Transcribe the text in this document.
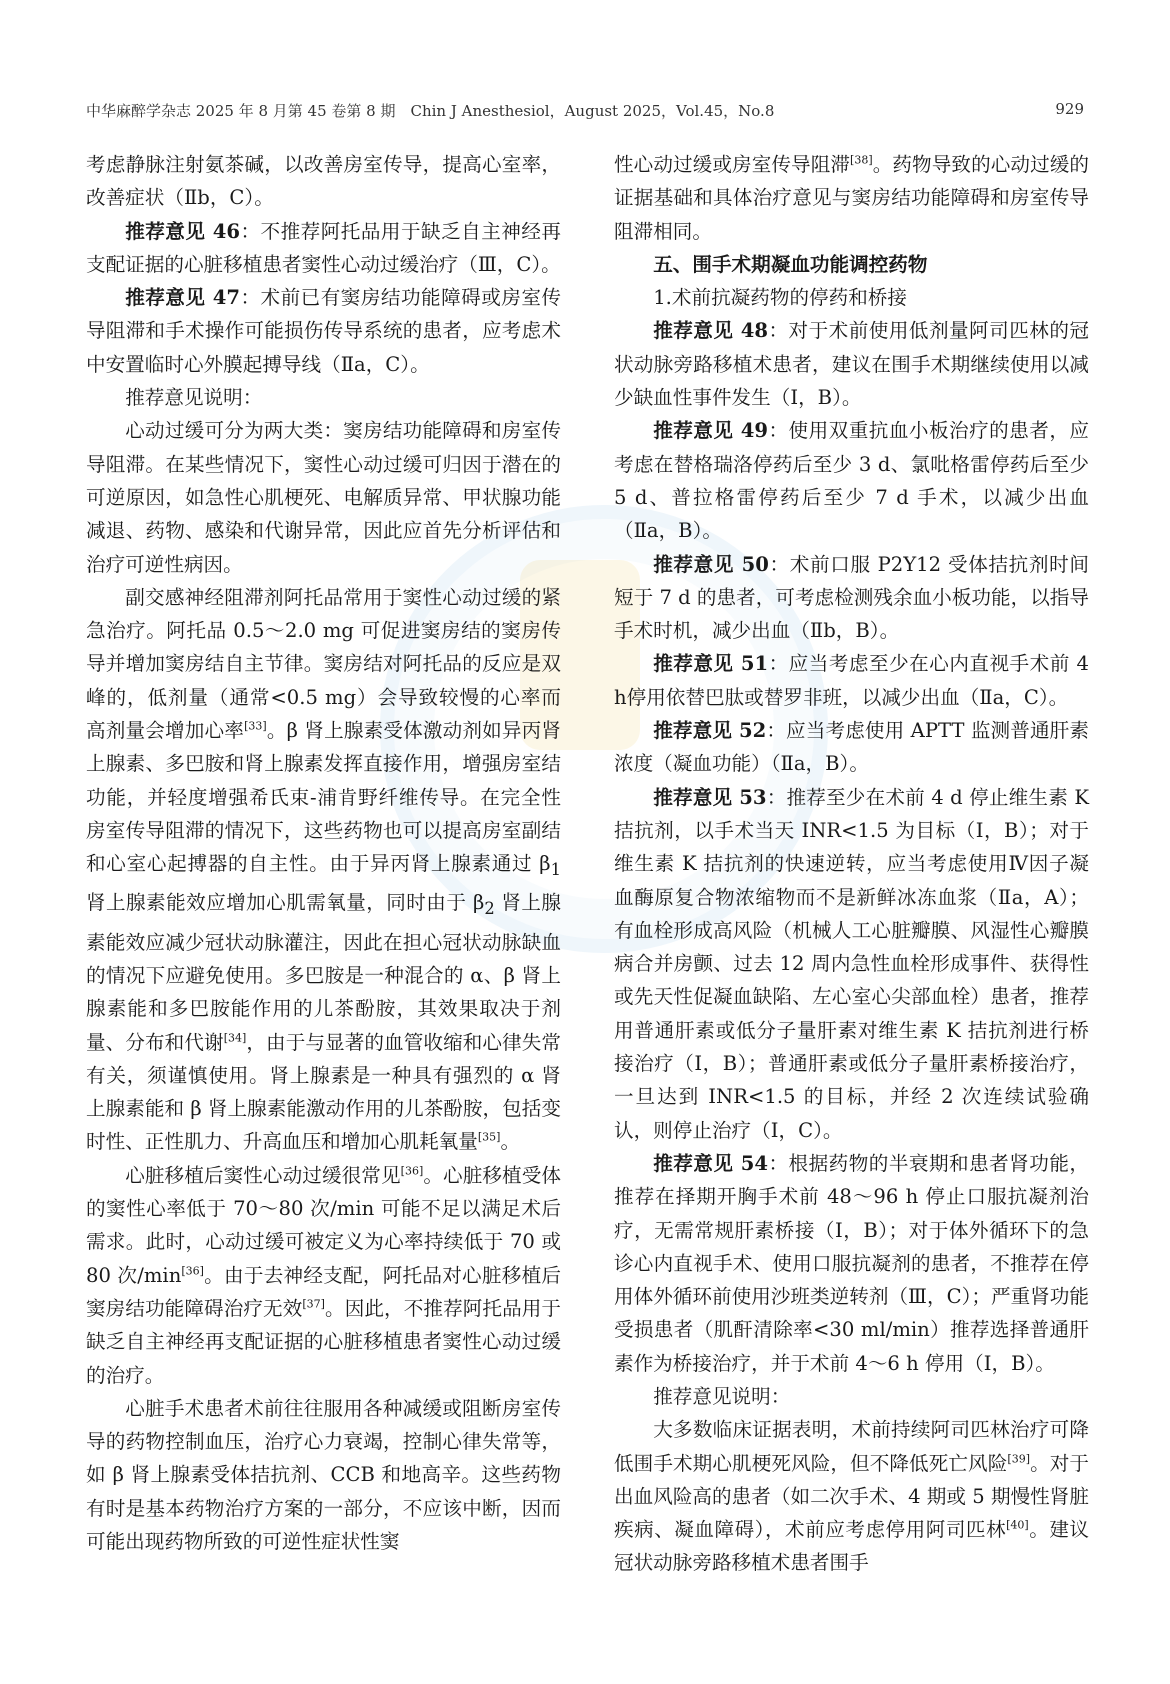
中华麻醉学杂志 2025 年 8 月第 45 卷第 8 期　Chin J Anesthesiol，August 2025，Vol.45，No.8	929

考虑静脉注射氨茶碱，以改善房室传导，提高心室率，改善症状（Ⅱb，C）。

推荐意见 46：不推荐阿托品用于缺乏自主神经再支配证据的心脏移植患者窦性心动过缓治疗（Ⅲ，C）。

推荐意见 47：术前已有窦房结功能障碍或房室传导阻滞和手术操作可能损伤传导系统的患者，应考虑术中安置临时心外膜起搏导线（Ⅱa，C）。

推荐意见说明：

心动过缓可分为两大类：窦房结功能障碍和房室传导阻滞。在某些情况下，窦性心动过缓可归因于潜在的可逆原因，如急性心肌梗死、电解质异常、甲状腺功能减退、药物、感染和代谢异常，因此应首先分析评估和治疗可逆性病因。

副交感神经阻滞剂阿托品常用于窦性心动过缓的紧急治疗。阿托品 0.5～2.0 mg 可促进窦房结的窦房传导并增加窦房结自主节律。窦房结对阿托品的反应是双峰的，低剂量（通常<0.5 mg）会导致较慢的心率而高剂量会增加心率[33]。β 肾上腺素受体激动剂如异丙肾上腺素、多巴胺和肾上腺素发挥直接作用，增强房室结功能，并轻度增强希氏束-浦肯野纤维传导。在完全性房室传导阻滞的情况下，这些药物也可以提高房室副结和心室心起搏器的自主性。由于异丙肾上腺素通过 $\beta_1$ 肾上腺素能效应增加心肌需氧量，同时由于 $\beta_2$ 肾上腺素能效应减少冠状动脉灌注，因此在担心冠状动脉缺血的情况下应避免使用。多巴胺是一种混合的 α、β 肾上腺素能和多巴胺能作用的儿茶酚胺，其效果取决于剂量、分布和代谢[34]，由于与显著的血管收缩和心律失常有关，须谨慎使用。肾上腺素是一种具有强烈的 α 肾上腺素能和 β 肾上腺素能激动作用的儿茶酚胺，包括变时性、正性肌力、升高血压和增加心肌耗氧量[35]。

心脏移植后窦性心动过缓很常见[36]。心脏移植受体的窦性心率低于 70～80 次/min 可能不足以满足术后需求。此时，心动过缓可被定义为心率持续低于 70 或 80 次/min[36]。由于去神经支配，阿托品对心脏移植后窦房结功能障碍治疗无效[37]。因此，不推荐阿托品用于缺乏自主神经再支配证据的心脏移植患者窦性心动过缓的治疗。

心脏手术患者术前往往服用各种减缓或阻断房室传导的药物控制血压，治疗心力衰竭，控制心律失常等，如 β 肾上腺素受体拮抗剂、CCB 和地高辛。这些药物有时是基本药物治疗方案的一部分，不应该中断，因而可能出现药物所致的可逆性症状性窦

性心动过缓或房室传导阻滞[38]。药物导致的心动过缓的证据基础和具体治疗意见与窦房结功能障碍和房室传导阻滞相同。

五、围手术期凝血功能调控药物

1.术前抗凝药物的停药和桥接

推荐意见 48：对于术前使用低剂量阿司匹林的冠状动脉旁路移植术患者，建议在围手术期继续使用以减少缺血性事件发生（Ⅰ，B）。

推荐意见 49：使用双重抗血小板治疗的患者，应考虑在替格瑞洛停药后至少 3 d、氯吡格雷停药后至少 5 d、普拉格雷停药后至少 7 d 手术，以减少出血（Ⅱa，B）。

推荐意见 50：术前口服 P2Y12 受体拮抗剂时间短于 7 d 的患者，可考虑检测残余血小板功能，以指导手术时机，减少出血（Ⅱb，B）。

推荐意见 51：应当考虑至少在心内直视手术前 4 h停用依替巴肽或替罗非班，以减少出血（Ⅱa，C）。

推荐意见 52：应当考虑使用 APTT 监测普通肝素浓度（凝血功能）（Ⅱa，B）。

推荐意见 53：推荐至少在术前 4 d 停止维生素 K 拮抗剂，以手术当天 INR<1.5 为目标（Ⅰ，B）；对于维生素 K 拮抗剂的快速逆转，应当考虑使用Ⅳ因子凝血酶原复合物浓缩物而不是新鲜冰冻血浆（Ⅱa，A）；有血栓形成高风险（机械人工心脏瓣膜、风湿性心瓣膜病合并房颤、过去 12 周内急性血栓形成事件、获得性或先天性促凝血缺陷、左心室心尖部血栓）患者，推荐用普通肝素或低分子量肝素对维生素 K 拮抗剂进行桥接治疗（Ⅰ，B）；普通肝素或低分子量肝素桥接治疗，一旦达到 INR<1.5 的目标，并经 2 次连续试验确认，则停止治疗（Ⅰ，C）。

推荐意见 54：根据药物的半衰期和患者肾功能，推荐在择期开胸手术前 48～96 h 停止口服抗凝剂治疗，无需常规肝素桥接（Ⅰ，B）；对于体外循环下的急诊心内直视手术、使用口服抗凝剂的患者，不推荐在停用体外循环前使用沙班类逆转剂（Ⅲ，C）；严重肾功能受损患者（肌酐清除率<30 ml/min）推荐选择普通肝素作为桥接治疗，并于术前 4～6 h 停用（Ⅰ，B）。

推荐意见说明：

大多数临床证据表明，术前持续阿司匹林治疗可降低围手术期心肌梗死风险，但不降低死亡风险[39]。对于出血风险高的患者（如二次手术、4 期或 5 期慢性肾脏疾病、凝血障碍），术前应考虑停用阿司匹林[40]。建议冠状动脉旁路移植术患者围手
